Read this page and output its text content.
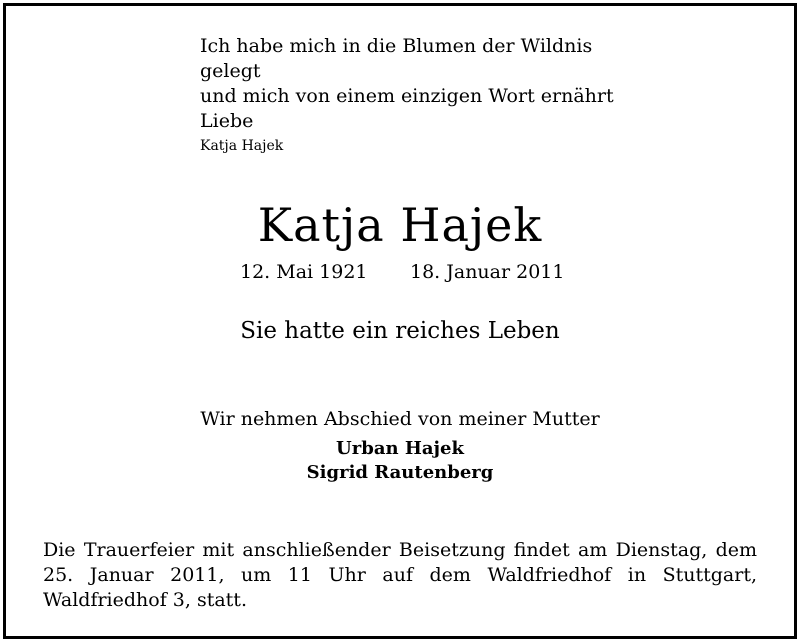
Ich habe mich in die Blumen der Wildnis
gelegt
und mich von einem einzigen Wort ernährt
Liebe
Katja Hajek
Katja Hajek
12. Mai 1921 18. Januar 2011
Sie hatte ein reiches Leben
Wir nehmen Abschied von meiner Mutter
Urban Hajek
Sigrid Rautenberg
Die Trauerfeier mit anschließender Beisetzung findet am Dienstag, dem 25. Januar 2011, um 11 Uhr auf dem Waldfriedhof in Stuttgart, Waldfriedhof 3, statt.
